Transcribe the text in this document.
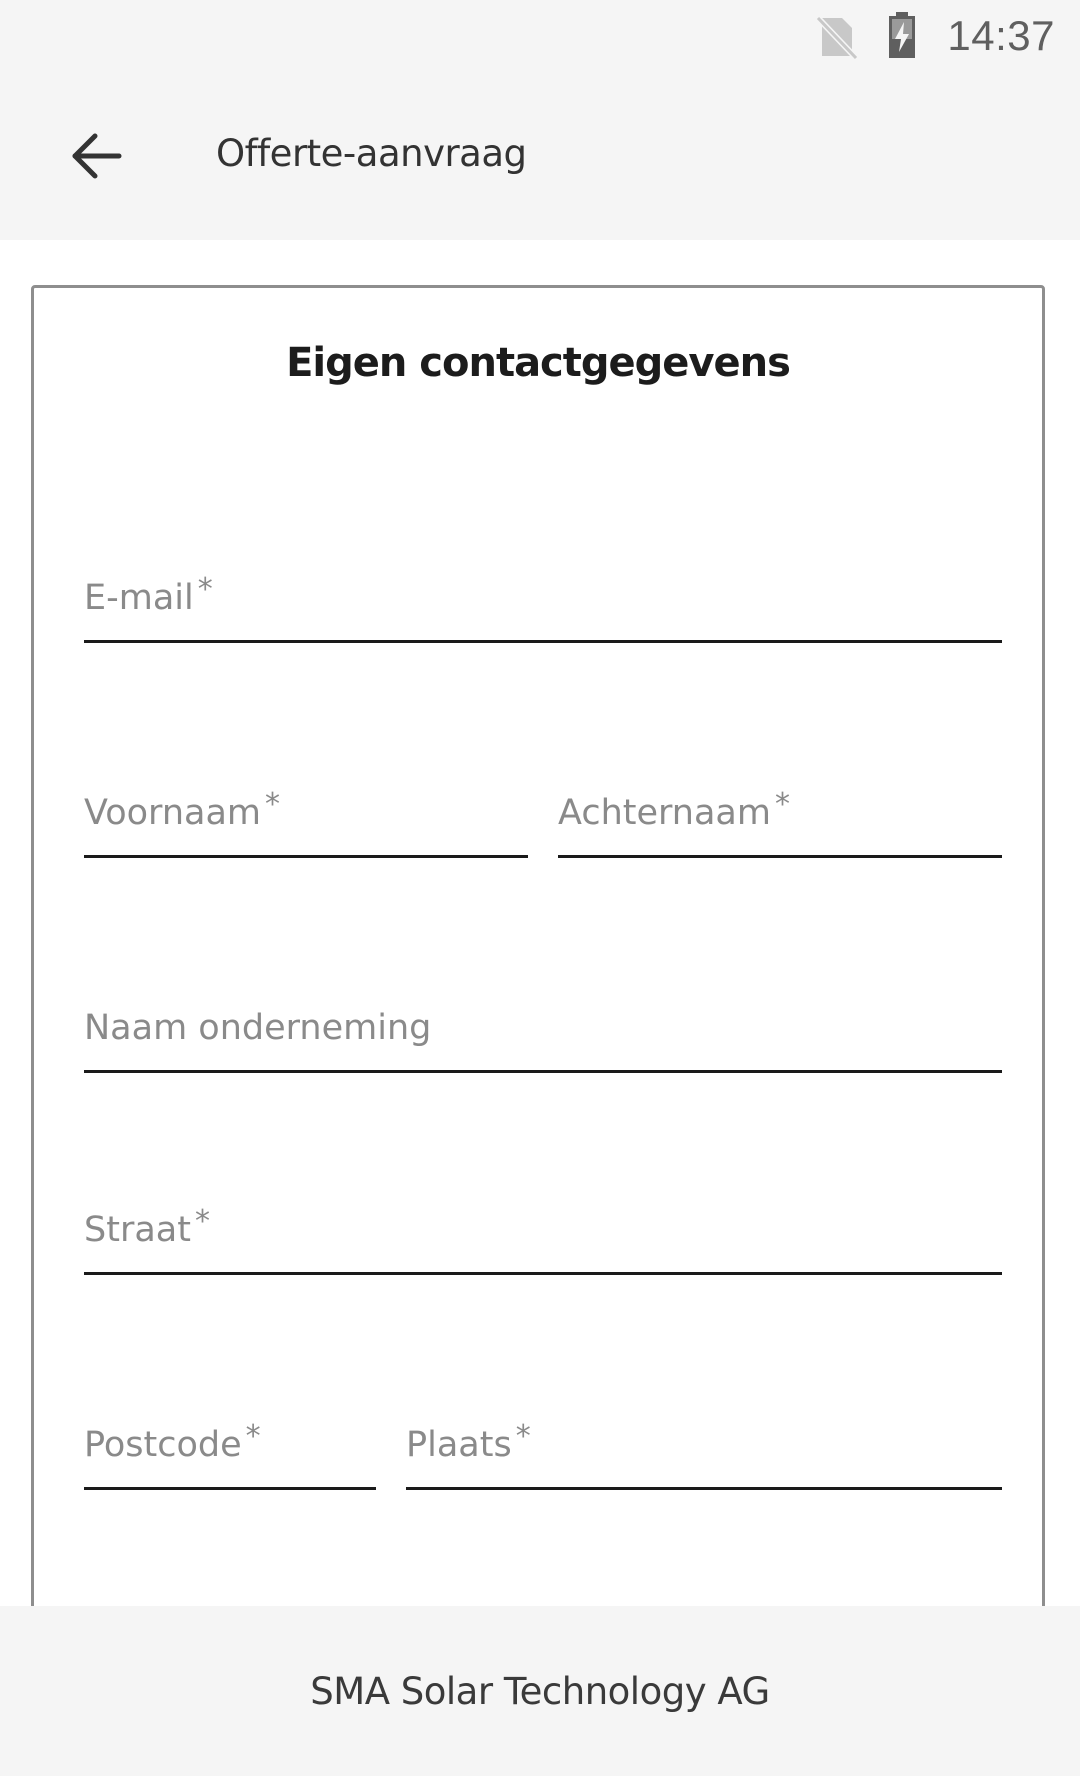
14:37
Offerte-aanvraag
Eigen contactgegevens
E-mail *
Voornaam *	Achternaam *
Naam onderneming
Straat *
Postcode *	Plaats *
SMA Solar Technology AG
